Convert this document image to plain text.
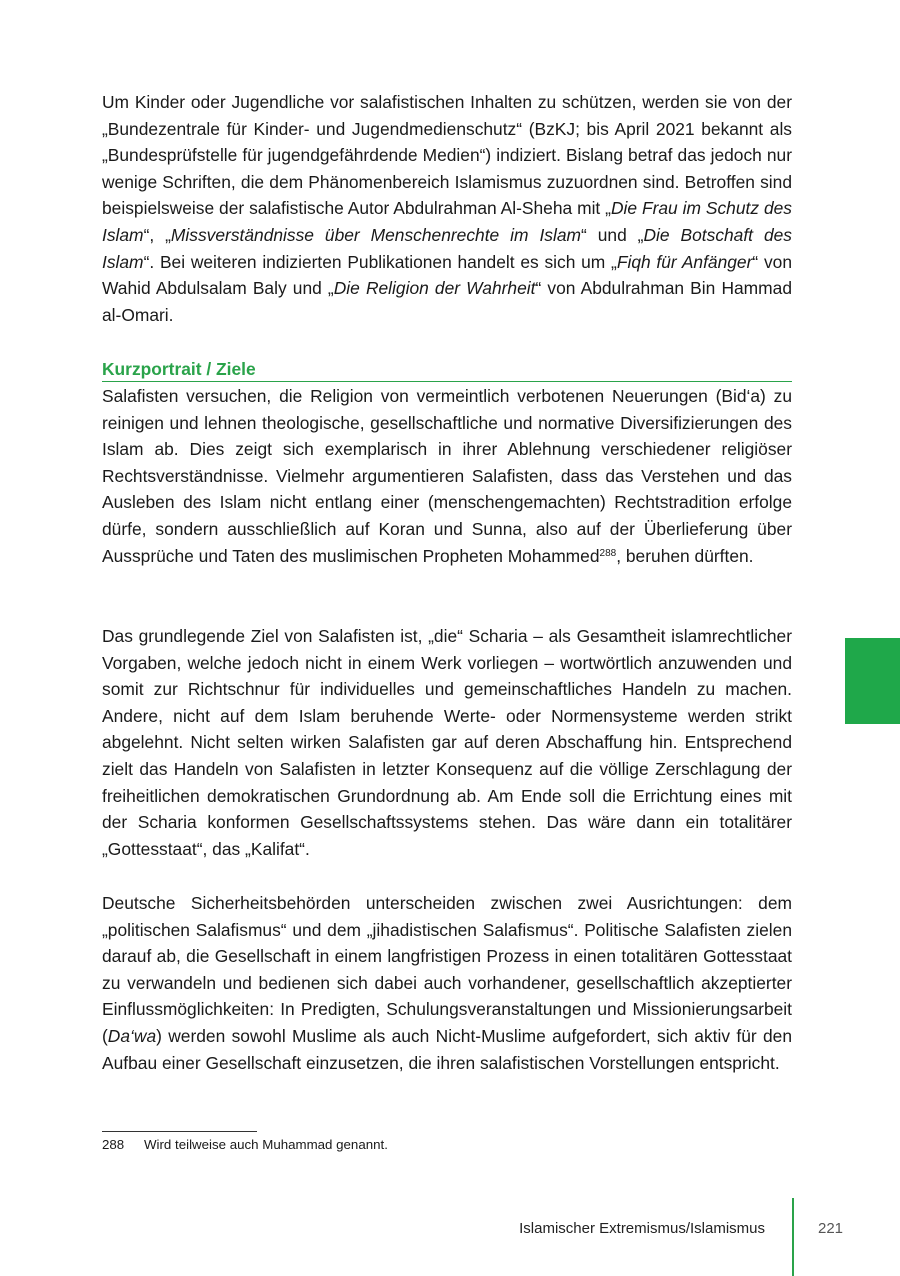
Um Kinder oder Jugendliche vor salafistischen Inhalten zu schützen, werden sie von der „Bundezentrale für Kinder- und Jugendmedienschutz“ (BzKJ; bis April 2021 bekannt als „Bundesprüfstelle für jugendgefährdende Medien“) indiziert. Bislang betraf das jedoch nur wenige Schriften, die dem Phänomenbereich Islamismus zuzuordnen sind. Betroffen sind beispielsweise der salafistische Autor Abdulrahman Al-Sheha mit „Die Frau im Schutz des Islam“, „Missverständnisse über Menschenrechte im Islam“ und „Die Botschaft des Islam“. Bei weiteren indizierten Publikationen handelt es sich um „Fiqh für Anfänger“ von Wahid Abdulsalam Baly und „Die Religion der Wahrheit“ von Abdulrahman Bin Hammad al-Omari.

Kurzportrait / Ziele

Salafisten versuchen, die Religion von vermeintlich verbotenen Neuerungen (Bid‘a) zu reinigen und lehnen theologische, gesellschaftliche und normative Diversifizierungen des Islam ab. Dies zeigt sich exemplarisch in ihrer Ablehnung verschiedener religiöser Rechtsverständnisse. Vielmehr argumentieren Salafisten, dass das Verstehen und das Ausleben des Islam nicht entlang einer (menschengemachten) Rechtstradition erfolge dürfe, sondern ausschließlich auf Koran und Sunna, also auf der Überlieferung über Aussprüche und Taten des muslimischen Propheten Mohammed$^{288}$, beruhen dürften.

Das grundlegende Ziel von Salafisten ist, „die“ Scharia – als Gesamtheit islamrechtlicher Vorgaben, welche jedoch nicht in einem Werk vorliegen – wortwörtlich anzuwenden und somit zur Richtschnur für individuelles und gemeinschaftliches Handeln zu machen. Andere, nicht auf dem Islam beruhende Werte- oder Normensysteme werden strikt abgelehnt. Nicht selten wirken Salafisten gar auf deren Abschaffung hin. Entsprechend zielt das Handeln von Salafisten in letzter Konsequenz auf die völlige Zerschlagung der freiheitlichen demokratischen Grundordnung ab. Am Ende soll die Errichtung eines mit der Scharia konformen Gesellschaftssystems stehen. Das wäre dann ein totalitärer „Gottesstaat“, das „Kalifat“.

Deutsche Sicherheitsbehörden unterscheiden zwischen zwei Ausrichtungen: dem „politischen Salafismus“ und dem „jihadistischen Salafismus“. Politische Salafisten zielen darauf ab, die Gesellschaft in einem langfristigen Prozess in einen totalitären Gottesstaat zu verwandeln und bedienen sich dabei auch vorhandener, gesellschaftlich akzeptierter Einflussmöglichkeiten: In Predigten, Schulungsveranstaltungen und Missionierungsarbeit (Da‘wa) werden sowohl Muslime als auch Nicht-Muslime aufgefordert, sich aktiv für den Aufbau einer Gesellschaft einzusetzen, die ihren salafistischen Vorstellungen entspricht.

288 Wird teilweise auch Muhammad genannt.
Islamischer Extremismus/Islamismus	221
